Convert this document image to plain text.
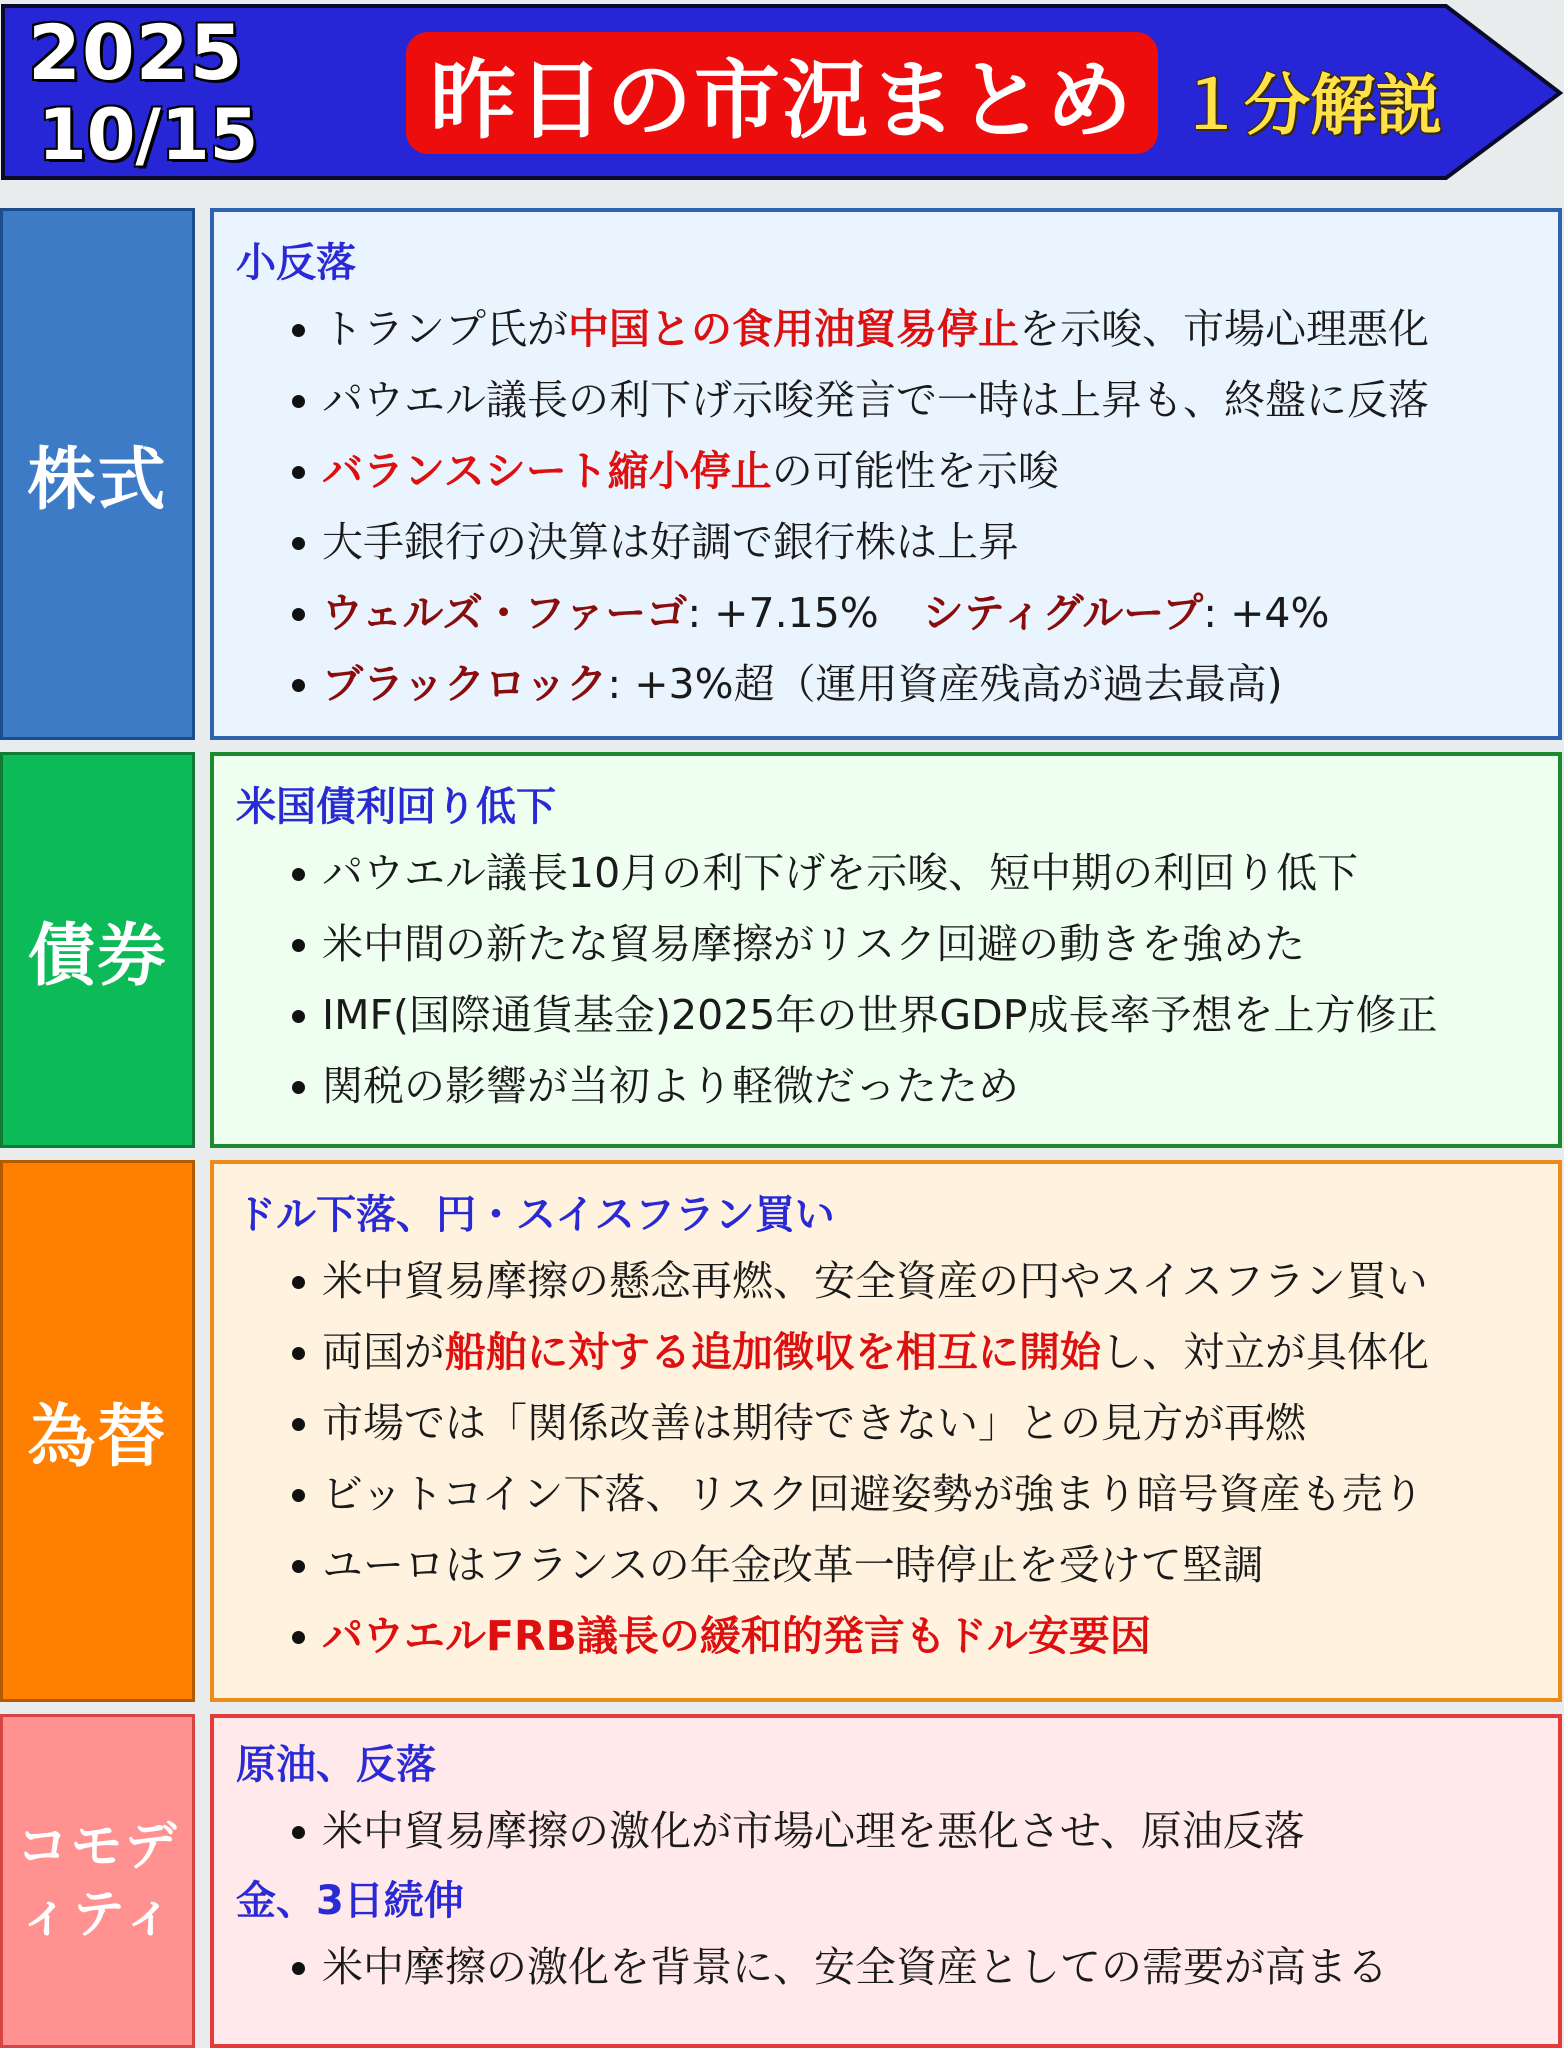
2025
10/15 昨日の市況まとめ １分解説
株式
小反落
トランプ氏が中国との食用油貿易停止を示唆、市場心理悪化
パウエル議長の利下げ示唆発言で一時は上昇も、終盤に反落
バランスシート縮小停止の可能性を示唆
大手銀行の決算は好調で銀行株は上昇
ウェルズ・ファーゴ: +7.15% シティグループ: +4%
ブラックロック: +3%超（運用資産残高が過去最高)
債券
米国債利回り低下
パウエル議長10月の利下げを示唆、短中期の利回り低下
米中間の新たな貿易摩擦がリスク回避の動きを強めた
IMF(国際通貨基金)2025年の世界GDP成長率予想を上方修正
関税の影響が当初より軽微だったため
為替
ドル下落、円・スイスフラン買い
米中貿易摩擦の懸念再燃、安全資産の円やスイスフラン買い
両国が船舶に対する追加徴収を相互に開始し、対立が具体化
市場では「関係改善は期待できない」との見方が再燃
ビットコイン下落、リスク回避姿勢が強まり暗号資産も売り
ユーロはフランスの年金改革一時停止を受けて堅調
パウエルFRB議長の緩和的発言もドル安要因
コモデ
ィティ
原油、反落
米中貿易摩擦の激化が市場心理を悪化させ、原油反落
金、3日続伸
米中摩擦の激化を背景に、安全資産としての需要が高まる
